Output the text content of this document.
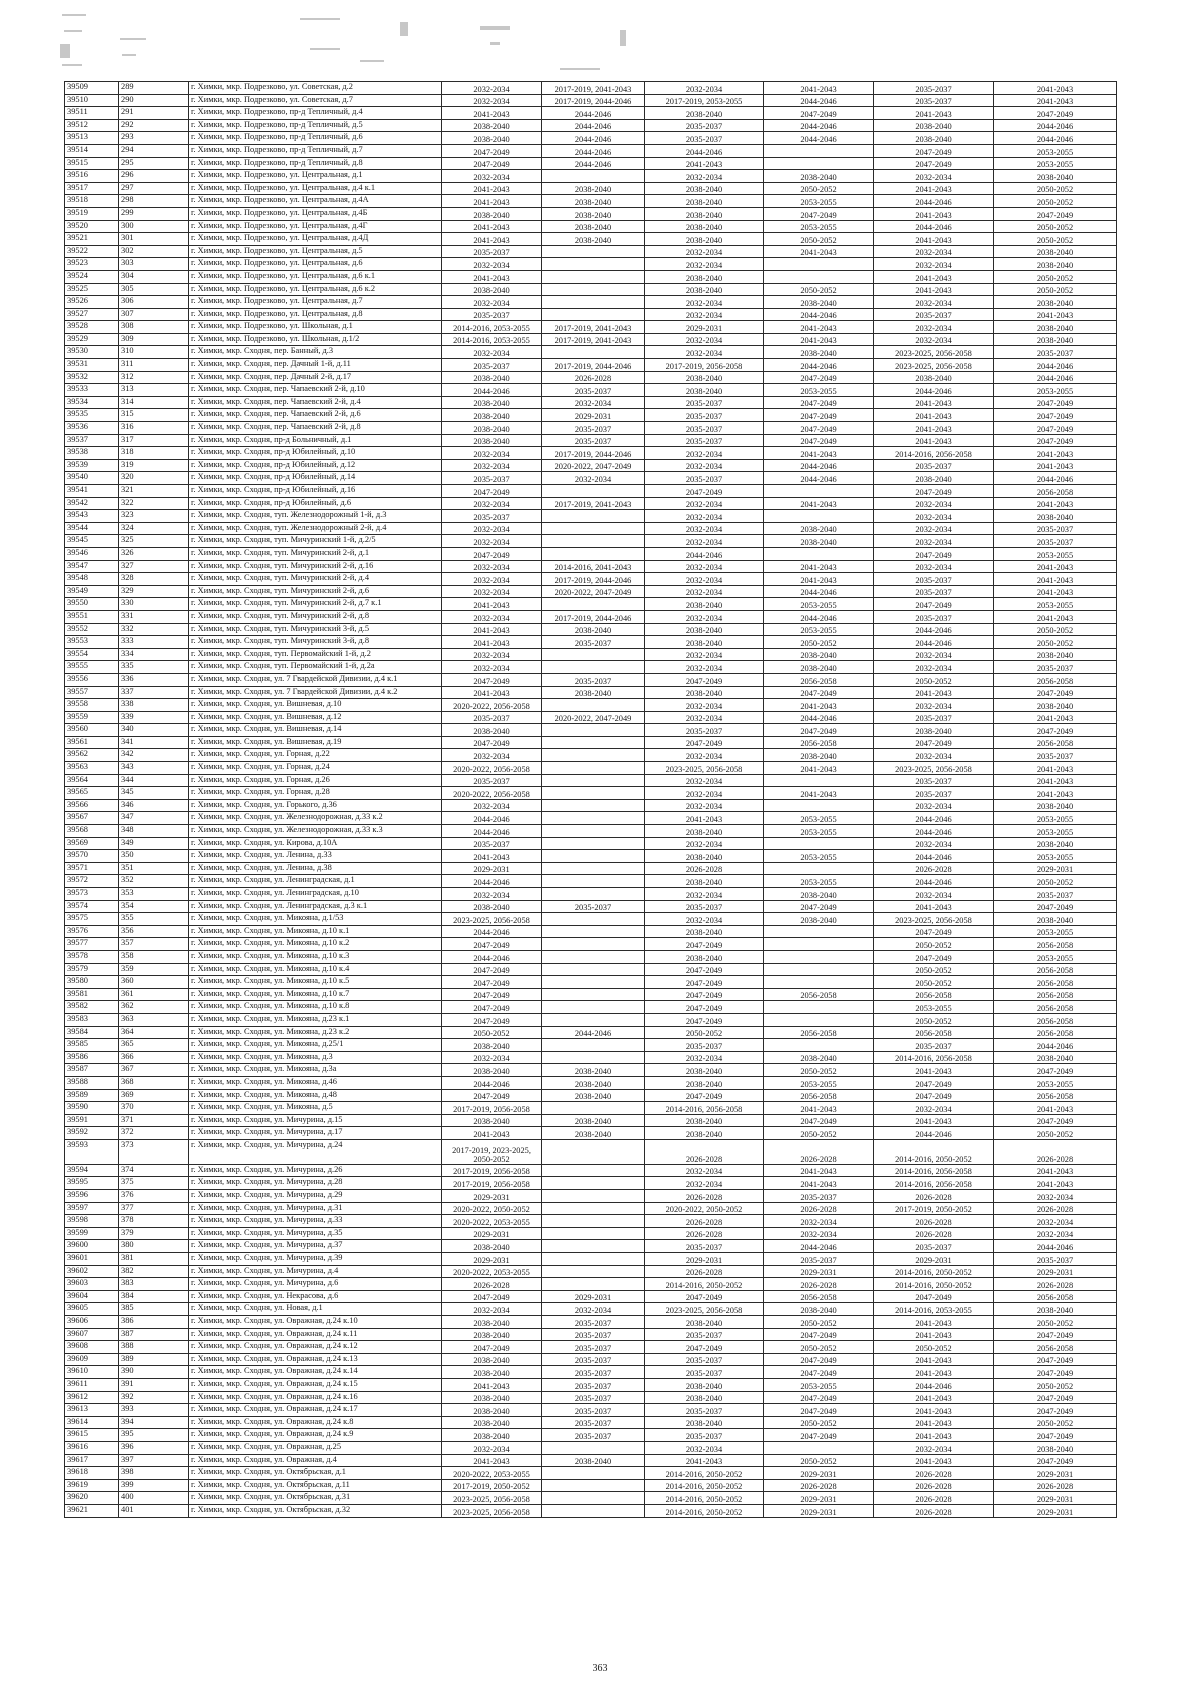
39509	289	г. Химки, мкр. Подрезково, ул. Советская, д.2	2032-2034	2017-2019, 2041-2043	2032-2034	2041-2043	2035-2037	2041-2043
39510	290	г. Химки, мкр. Подрезково, ул. Советская, д.7	2032-2034	2017-2019, 2044-2046	2017-2019, 2053-2055	2044-2046	2035-2037	2041-2043
39511	291	г. Химки, мкр. Подрезково, пр-д Тепличный, д.4	2041-2043	2044-2046	2038-2040	2047-2049	2041-2043	2047-2049
39512	292	г. Химки, мкр. Подрезково, пр-д Тепличный, д.5	2038-2040	2044-2046	2035-2037	2044-2046	2038-2040	2044-2046
39513	293	г. Химки, мкр. Подрезково, пр-д Тепличный, д.6	2038-2040	2044-2046	2035-2037	2044-2046	2038-2040	2044-2046
39514	294	г. Химки, мкр. Подрезково, пр-д Тепличный, д.7	2047-2049	2044-2046	2044-2046		2047-2049	2053-2055
39515	295	г. Химки, мкр. Подрезково, пр-д Тепличный, д.8	2047-2049	2044-2046	2041-2043		2047-2049	2053-2055
39516	296	г. Химки, мкр. Подрезково, ул. Центральная, д.1	2032-2034		2032-2034	2038-2040	2032-2034	2038-2040
39517	297	г. Химки, мкр. Подрезково, ул. Центральная, д.4 к.1	2041-2043	2038-2040	2038-2040	2050-2052	2041-2043	2050-2052
39518	298	г. Химки, мкр. Подрезково, ул. Центральная, д.4А	2041-2043	2038-2040	2038-2040	2053-2055	2044-2046	2050-2052
39519	299	г. Химки, мкр. Подрезково, ул. Центральная, д.4Б	2038-2040	2038-2040	2038-2040	2047-2049	2041-2043	2047-2049
39520	300	г. Химки, мкр. Подрезково, ул. Центральная, д.4Г	2041-2043	2038-2040	2038-2040	2053-2055	2044-2046	2050-2052
39521	301	г. Химки, мкр. Подрезково, ул. Центральная, д.4Д	2041-2043	2038-2040	2038-2040	2050-2052	2041-2043	2050-2052
39522	302	г. Химки, мкр. Подрезково, ул. Центральная, д.5	2035-2037		2032-2034	2041-2043	2032-2034	2038-2040
39523	303	г. Химки, мкр. Подрезково, ул. Центральная, д.6	2032-2034		2032-2034		2032-2034	2038-2040
39524	304	г. Химки, мкр. Подрезково, ул. Центральная, д.6 к.1	2041-2043		2038-2040		2041-2043	2050-2052
39525	305	г. Химки, мкр. Подрезково, ул. Центральная, д.6 к.2	2038-2040		2038-2040	2050-2052	2041-2043	2050-2052
39526	306	г. Химки, мкр. Подрезково, ул. Центральная, д.7	2032-2034		2032-2034	2038-2040	2032-2034	2038-2040
39527	307	г. Химки, мкр. Подрезково, ул. Центральная, д.8	2035-2037		2032-2034	2044-2046	2035-2037	2041-2043
39528	308	г. Химки, мкр. Подрезково, ул. Школьная, д.1	2014-2016, 2053-2055	2017-2019, 2041-2043	2029-2031	2041-2043	2032-2034	2038-2040
39529	309	г. Химки, мкр. Подрезково, ул. Школьная, д.1/2	2014-2016, 2053-2055	2017-2019, 2041-2043	2032-2034	2041-2043	2032-2034	2038-2040
39530	310	г. Химки, мкр. Сходня, пер. Банный, д.3	2032-2034		2032-2034	2038-2040	2023-2025, 2056-2058	2035-2037
39531	311	г. Химки, мкр. Сходня, пер. Дачный 1-й, д.11	2035-2037	2017-2019, 2044-2046	2017-2019, 2056-2058	2044-2046	2023-2025, 2056-2058	2044-2046
39532	312	г. Химки, мкр. Сходня, пер. Дачный 2-й, д.17	2038-2040	2026-2028	2038-2040	2047-2049	2038-2040	2044-2046
39533	313	г. Химки, мкр. Сходня, пер. Чапаевский 2-й, д.10	2044-2046	2035-2037	2038-2040	2053-2055	2044-2046	2053-2055
39534	314	г. Химки, мкр. Сходня, пер. Чапаевский 2-й, д.4	2038-2040	2032-2034	2035-2037	2047-2049	2041-2043	2047-2049
39535	315	г. Химки, мкр. Сходня, пер. Чапаевский 2-й, д.6	2038-2040	2029-2031	2035-2037	2047-2049	2041-2043	2047-2049
39536	316	г. Химки, мкр. Сходня, пер. Чапаевский 2-й, д.8	2038-2040	2035-2037	2035-2037	2047-2049	2041-2043	2047-2049
39537	317	г. Химки, мкр. Сходня, пр-д Больничный, д.1	2038-2040	2035-2037	2035-2037	2047-2049	2041-2043	2047-2049
39538	318	г. Химки, мкр. Сходня, пр-д Юбилейный, д.10	2032-2034	2017-2019, 2044-2046	2032-2034	2041-2043	2014-2016, 2056-2058	2041-2043
39539	319	г. Химки, мкр. Сходня, пр-д Юбилейный, д.12	2032-2034	2020-2022, 2047-2049	2032-2034	2044-2046	2035-2037	2041-2043
39540	320	г. Химки, мкр. Сходня, пр-д Юбилейный, д.14	2035-2037	2032-2034	2035-2037	2044-2046	2038-2040	2044-2046
39541	321	г. Химки, мкр. Сходня, пр-д Юбилейный, д.16	2047-2049		2047-2049		2047-2049	2056-2058
39542	322	г. Химки, мкр. Сходня, пр-д Юбилейный, д.6	2032-2034	2017-2019, 2041-2043	2032-2034	2041-2043	2032-2034	2041-2043
39543	323	г. Химки, мкр. Сходня, туп. Железнодорожный 1-й, д.3	2035-2037		2032-2034		2032-2034	2038-2040
39544	324	г. Химки, мкр. Сходня, туп. Железнодорожный 2-й, д.4	2032-2034		2032-2034	2038-2040	2032-2034	2035-2037
39545	325	г. Химки, мкр. Сходня, туп. Мичуринский 1-й, д.2/5	2032-2034		2032-2034	2038-2040	2032-2034	2035-2037
39546	326	г. Химки, мкр. Сходня, туп. Мичуринский 2-й, д.1	2047-2049		2044-2046		2047-2049	2053-2055
39547	327	г. Химки, мкр. Сходня, туп. Мичуринский 2-й, д.16	2032-2034	2014-2016, 2041-2043	2032-2034	2041-2043	2032-2034	2041-2043
39548	328	г. Химки, мкр. Сходня, туп. Мичуринский 2-й, д.4	2032-2034	2017-2019, 2044-2046	2032-2034	2041-2043	2035-2037	2041-2043
39549	329	г. Химки, мкр. Сходня, туп. Мичуринский 2-й, д.6	2032-2034	2020-2022, 2047-2049	2032-2034	2044-2046	2035-2037	2041-2043
39550	330	г. Химки, мкр. Сходня, туп. Мичуринский 2-й, д.7 к.1	2041-2043		2038-2040	2053-2055	2047-2049	2053-2055
39551	331	г. Химки, мкр. Сходня, туп. Мичуринский 2-й, д.8	2032-2034	2017-2019, 2044-2046	2032-2034	2044-2046	2035-2037	2041-2043
39552	332	г. Химки, мкр. Сходня, туп. Мичуринский 3-й, д.5	2041-2043	2038-2040	2038-2040	2053-2055	2044-2046	2050-2052
39553	333	г. Химки, мкр. Сходня, туп. Мичуринский 3-й, д.8	2041-2043	2035-2037	2038-2040	2050-2052	2044-2046	2050-2052
39554	334	г. Химки, мкр. Сходня, туп. Первомайский 1-й, д.2	2032-2034		2032-2034	2038-2040	2032-2034	2038-2040
39555	335	г. Химки, мкр. Сходня, туп. Первомайский 1-й, д.2а	2032-2034		2032-2034	2038-2040	2032-2034	2035-2037
39556	336	г. Химки, мкр. Сходня, ул. 7 Гвардейской Дивизии, д.4 к.1	2047-2049	2035-2037	2047-2049	2056-2058	2050-2052	2056-2058
39557	337	г. Химки, мкр. Сходня, ул. 7 Гвардейской Дивизии, д.4 к.2	2041-2043	2038-2040	2038-2040	2047-2049	2041-2043	2047-2049
39558	338	г. Химки, мкр. Сходня, ул. Вишневая, д.10	2020-2022, 2056-2058		2032-2034	2041-2043	2032-2034	2038-2040
39559	339	г. Химки, мкр. Сходня, ул. Вишневая, д.12	2035-2037	2020-2022, 2047-2049	2032-2034	2044-2046	2035-2037	2041-2043
39560	340	г. Химки, мкр. Сходня, ул. Вишневая, д.14	2038-2040		2035-2037	2047-2049	2038-2040	2047-2049
39561	341	г. Химки, мкр. Сходня, ул. Вишневая, д.19	2047-2049		2047-2049	2056-2058	2047-2049	2056-2058
39562	342	г. Химки, мкр. Сходня, ул. Горная, д.22	2032-2034		2032-2034	2038-2040	2032-2034	2035-2037
39563	343	г. Химки, мкр. Сходня, ул. Горная, д.24	2020-2022, 2056-2058		2023-2025, 2056-2058	2041-2043	2023-2025, 2056-2058	2041-2043
39564	344	г. Химки, мкр. Сходня, ул. Горная, д.26	2035-2037		2032-2034		2035-2037	2041-2043
39565	345	г. Химки, мкр. Сходня, ул. Горная, д.28	2020-2022, 2056-2058		2032-2034	2041-2043	2035-2037	2041-2043
39566	346	г. Химки, мкр. Сходня, ул. Горького, д.36	2032-2034		2032-2034		2032-2034	2038-2040
39567	347	г. Химки, мкр. Сходня, ул. Железнодорожная, д.33 к.2	2044-2046		2041-2043	2053-2055	2044-2046	2053-2055
39568	348	г. Химки, мкр. Сходня, ул. Железнодорожная, д.33 к.3	2044-2046		2038-2040	2053-2055	2044-2046	2053-2055
39569	349	г. Химки, мкр. Сходня, ул. Кирова, д.10А	2035-2037		2032-2034		2032-2034	2038-2040
39570	350	г. Химки, мкр. Сходня, ул. Ленина, д.33	2041-2043		2038-2040	2053-2055	2044-2046	2053-2055
39571	351	г. Химки, мкр. Сходня, ул. Ленина, д.38	2029-2031		2026-2028		2026-2028	2029-2031
39572	352	г. Химки, мкр. Сходня, ул. Ленинградская, д.1	2044-2046		2038-2040	2053-2055	2044-2046	2050-2052
39573	353	г. Химки, мкр. Сходня, ул. Ленинградская, д.10	2032-2034		2032-2034	2038-2040	2032-2034	2035-2037
39574	354	г. Химки, мкр. Сходня, ул. Ленинградская, д.3 к.1	2038-2040	2035-2037	2035-2037	2047-2049	2041-2043	2047-2049
39575	355	г. Химки, мкр. Сходня, ул. Микояна, д.1/53	2023-2025, 2056-2058		2032-2034	2038-2040	2023-2025, 2056-2058	2038-2040
39576	356	г. Химки, мкр. Сходня, ул. Микояна, д.10 к.1	2044-2046		2038-2040		2047-2049	2053-2055
39577	357	г. Химки, мкр. Сходня, ул. Микояна, д.10 к.2	2047-2049		2047-2049		2050-2052	2056-2058
39578	358	г. Химки, мкр. Сходня, ул. Микояна, д.10 к.3	2044-2046		2038-2040		2047-2049	2053-2055
39579	359	г. Химки, мкр. Сходня, ул. Микояна, д.10 к.4	2047-2049		2047-2049		2050-2052	2056-2058
39580	360	г. Химки, мкр. Сходня, ул. Микояна, д.10 к.5	2047-2049		2047-2049		2050-2052	2056-2058
39581	361	г. Химки, мкр. Сходня, ул. Микояна, д.10 к.7	2047-2049		2047-2049	2056-2058	2056-2058	2056-2058
39582	362	г. Химки, мкр. Сходня, ул. Микояна, д.10 к.8	2047-2049		2047-2049		2053-2055	2056-2058
39583	363	г. Химки, мкр. Сходня, ул. Микояна, д.23 к.1	2047-2049		2047-2049		2050-2052	2056-2058
39584	364	г. Химки, мкр. Сходня, ул. Микояна, д.23 к.2	2050-2052	2044-2046	2050-2052	2056-2058	2056-2058	2056-2058
39585	365	г. Химки, мкр. Сходня, ул. Микояна, д.25/1	2038-2040		2035-2037		2035-2037	2044-2046
39586	366	г. Химки, мкр. Сходня, ул. Микояна, д.3	2032-2034		2032-2034	2038-2040	2014-2016, 2056-2058	2038-2040
39587	367	г. Химки, мкр. Сходня, ул. Микояна, д.3а	2038-2040	2038-2040	2038-2040	2050-2052	2041-2043	2047-2049
39588	368	г. Химки, мкр. Сходня, ул. Микояна, д.46	2044-2046	2038-2040	2038-2040	2053-2055	2047-2049	2053-2055
39589	369	г. Химки, мкр. Сходня, ул. Микояна, д.48	2047-2049	2038-2040	2047-2049	2056-2058	2047-2049	2056-2058
39590	370	г. Химки, мкр. Сходня, ул. Микояна, д.5	2017-2019, 2056-2058		2014-2016, 2056-2058	2041-2043	2032-2034	2041-2043
39591	371	г. Химки, мкр. Сходня, ул. Мичурина, д.15	2038-2040	2038-2040	2038-2040	2047-2049	2041-2043	2047-2049
39592	372	г. Химки, мкр. Сходня, ул. Мичурина, д.17	2041-2043	2038-2040	2038-2040	2050-2052	2044-2046	2050-2052
39593	373	г. Химки, мкр. Сходня, ул. Мичурина, д.24	2017-2019, 2023-2025, 2050-2052		2026-2028	2026-2028	2014-2016, 2050-2052	2026-2028
39594	374	г. Химки, мкр. Сходня, ул. Мичурина, д.26	2017-2019, 2056-2058		2032-2034	2041-2043	2014-2016, 2056-2058	2041-2043
39595	375	г. Химки, мкр. Сходня, ул. Мичурина, д.28	2017-2019, 2056-2058		2032-2034	2041-2043	2014-2016, 2056-2058	2041-2043
39596	376	г. Химки, мкр. Сходня, ул. Мичурина, д.29	2029-2031		2026-2028	2035-2037	2026-2028	2032-2034
39597	377	г. Химки, мкр. Сходня, ул. Мичурина, д.31	2020-2022, 2050-2052		2020-2022, 2050-2052	2026-2028	2017-2019, 2050-2052	2026-2028
39598	378	г. Химки, мкр. Сходня, ул. Мичурина, д.33	2020-2022, 2053-2055		2026-2028	2032-2034	2026-2028	2032-2034
39599	379	г. Химки, мкр. Сходня, ул. Мичурина, д.35	2029-2031		2026-2028	2032-2034	2026-2028	2032-2034
39600	380	г. Химки, мкр. Сходня, ул. Мичурина, д.37	2038-2040		2035-2037	2044-2046	2035-2037	2044-2046
39601	381	г. Химки, мкр. Сходня, ул. Мичурина, д.39	2029-2031		2029-2031	2035-2037	2029-2031	2035-2037
39602	382	г. Химки, мкр. Сходня, ул. Мичурина, д.4	2020-2022, 2053-2055		2026-2028	2029-2031	2014-2016, 2050-2052	2029-2031
39603	383	г. Химки, мкр. Сходня, ул. Мичурина, д.6	2026-2028		2014-2016, 2050-2052	2026-2028	2014-2016, 2050-2052	2026-2028
39604	384	г. Химки, мкр. Сходня, ул. Некрасова, д.6	2047-2049	2029-2031	2047-2049	2056-2058	2047-2049	2056-2058
39605	385	г. Химки, мкр. Сходня, ул. Новая, д.1	2032-2034	2032-2034	2023-2025, 2056-2058	2038-2040	2014-2016, 2053-2055	2038-2040
39606	386	г. Химки, мкр. Сходня, ул. Овражная, д.24 к.10	2038-2040	2035-2037	2038-2040	2050-2052	2041-2043	2050-2052
39607	387	г. Химки, мкр. Сходня, ул. Овражная, д.24 к.11	2038-2040	2035-2037	2035-2037	2047-2049	2041-2043	2047-2049
39608	388	г. Химки, мкр. Сходня, ул. Овражная, д.24 к.12	2047-2049	2035-2037	2047-2049	2050-2052	2050-2052	2056-2058
39609	389	г. Химки, мкр. Сходня, ул. Овражная, д.24 к.13	2038-2040	2035-2037	2035-2037	2047-2049	2041-2043	2047-2049
39610	390	г. Химки, мкр. Сходня, ул. Овражная, д.24 к.14	2038-2040	2035-2037	2035-2037	2047-2049	2041-2043	2047-2049
39611	391	г. Химки, мкр. Сходня, ул. Овражная, д.24 к.15	2041-2043	2035-2037	2038-2040	2053-2055	2044-2046	2050-2052
39612	392	г. Химки, мкр. Сходня, ул. Овражная, д.24 к.16	2038-2040	2035-2037	2038-2040	2047-2049	2041-2043	2047-2049
39613	393	г. Химки, мкр. Сходня, ул. Овражная, д.24 к.17	2038-2040	2035-2037	2035-2037	2047-2049	2041-2043	2047-2049
39614	394	г. Химки, мкр. Сходня, ул. Овражная, д.24 к.8	2038-2040	2035-2037	2038-2040	2050-2052	2041-2043	2050-2052
39615	395	г. Химки, мкр. Сходня, ул. Овражная, д.24 к.9	2038-2040	2035-2037	2035-2037	2047-2049	2041-2043	2047-2049
39616	396	г. Химки, мкр. Сходня, ул. Овражная, д.25	2032-2034		2032-2034		2032-2034	2038-2040
39617	397	г. Химки, мкр. Сходня, ул. Овражная, д.4	2041-2043	2038-2040	2041-2043	2050-2052	2041-2043	2047-2049
39618	398	г. Химки, мкр. Сходня, ул. Октябрьская, д.1	2020-2022, 2053-2055		2014-2016, 2050-2052	2029-2031	2026-2028	2029-2031
39619	399	г. Химки, мкр. Сходня, ул. Октябрьская, д.11	2017-2019, 2050-2052		2014-2016, 2050-2052	2026-2028	2026-2028	2026-2028
39620	400	г. Химки, мкр. Сходня, ул. Октябрьская, д.31	2023-2025, 2056-2058		2014-2016, 2050-2052	2029-2031	2026-2028	2029-2031
39621	401	г. Химки, мкр. Сходня, ул. Октябрьская, д.32	2023-2025, 2056-2058		2014-2016, 2050-2052	2029-2031	2026-2028	2029-2031
363
